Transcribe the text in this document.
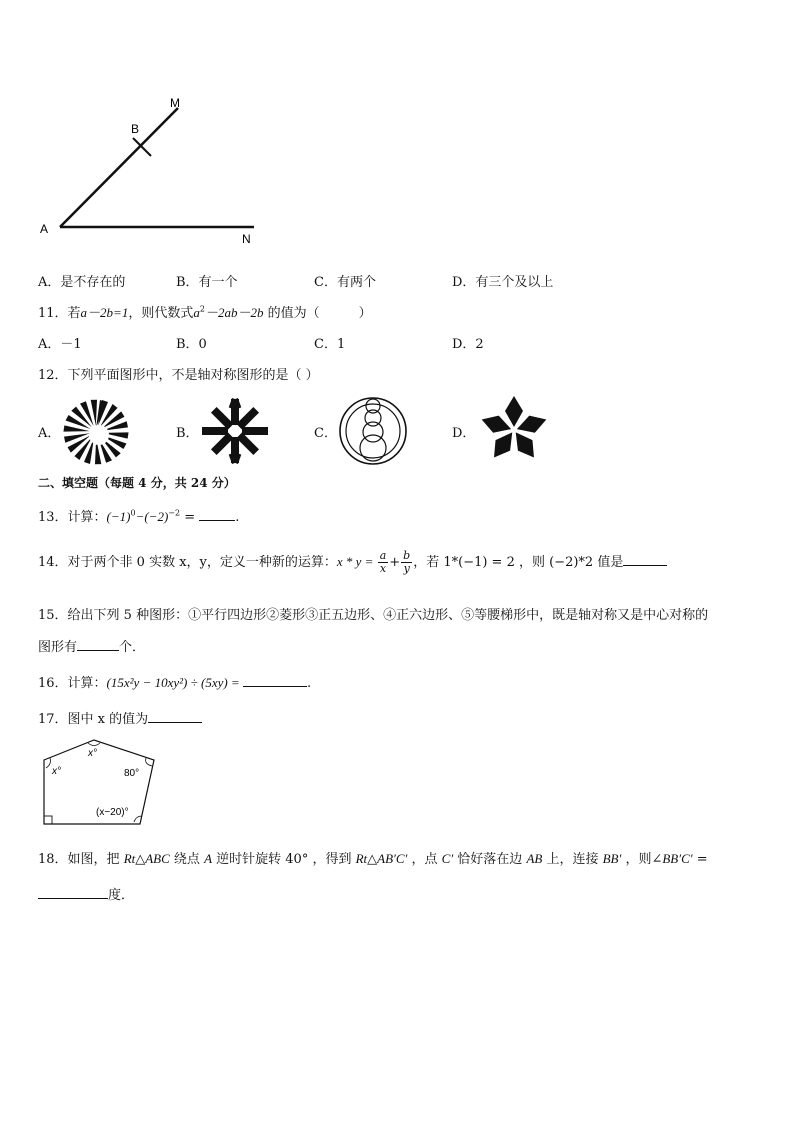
A
B
M
N
A．是不存在的	B．有一个	C．有两个	D．有三个及以上
11．若a－2b=1，则代数式$a^2-2ab-2b$ 的值为（　　　）
A．－1	B．0	C．1	D．2
12．下列平面图形中，不是轴对称图形的是（ ）
A．	B．	C．	D．
二、填空题（每题 4 分，共 24 分）
13．计算：$(-1)^0-(-2)^{-2}$ =	.
14．对于两个非 0 实数 x，y，定义一种新的运算：$x * y = \frac{a}{x} + \frac{b}{y}$ ，若 1*(−1) = 2 ，则 (−2)*2 值是
15．给出下列 5 种图形：①平行四边形②菱形③正五边形、④正六边形、⑤等腰梯形中，既是轴对称又是中心对称的
图形有	个．
16．计算：(15x²y − 10xy²) ÷ (5xy) =	.
17．图中 x 的值为
x°
x°
80°
(x−20)°
18．如图，把 Rt△ABC 绕点 A 逆时针旋转 40° ，得到 Rt△AB′C′ ，点 C′ 恰好落在边 AB 上，连接 BB′ ，则∠BB′C′ =
度．
